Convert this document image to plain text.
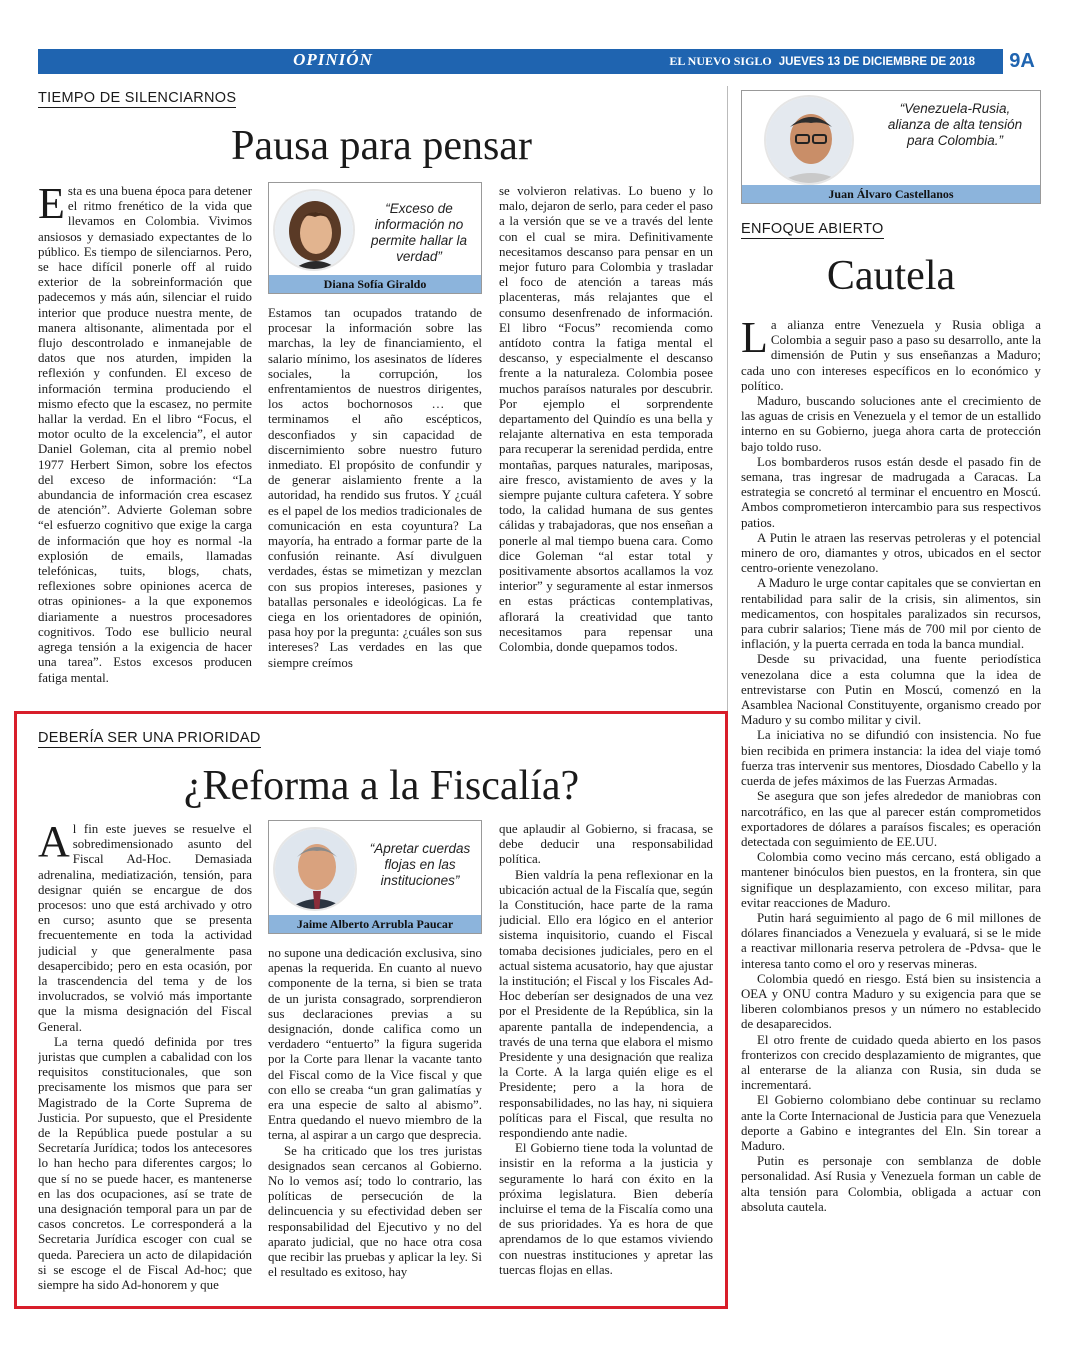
OPINIÓN	EL NUEVO SIGLO JUEVES 13 DE DICIEMBRE DE 2018	9A
TIEMPO DE SILENCIARNOS
Pausa para pensar

Esta es una buena época para detener el ritmo frenético de la vida que llevamos en Colombia. Vivimos ansiosos y demasiado expectantes de lo público. Es tiempo de silenciarnos. Pero, se hace difícil ponerle off al ruido exterior de la sobreinformación que padecemos y más aún, silenciar el ruido interior que produce nuestra mente, de manera altisonante, alimentada por el flujo descontrolado e inmanejable de datos que nos aturden, impiden la reflexión y confunden. El exceso de información termina produciendo el mismo efecto que la escasez, no permite hallar la verdad. En el libro “Focus, el motor oculto de la excelencia”, el autor Daniel Goleman, cita al premio nobel 1977 Herbert Simon, sobre los efectos del exceso de información: “La abundancia de información crea escasez de atención”. Advierte Goleman sobre “el esfuerzo cognitivo que exige la carga de información que hoy es normal -la explosión de emails, llamadas telefónicas, tuits, blogs, chats, reflexiones sobre opiniones acerca de otras opiniones- a la que exponemos diariamente a nuestros procesadores cognitivos. Todo ese bullicio neural agrega tensión a la exigencia de hacer una tarea”. Estos excesos producen fatiga mental.

“Exceso de información no permite hallar la verdad”
Diana Sofía Giraldo

Estamos tan ocupados tratando de procesar la información sobre las marchas, la ley de financiamiento, el salario mínimo, los asesinatos de líderes sociales, la corrupción, los enfrentamientos de nuestros dirigentes, los actos bochornosos … que terminamos el año escépticos, desconfiados y sin capacidad de discernimiento sobre nuestro futuro inmediato. El propósito de confundir y de generar aislamiento frente a la autoridad, ha rendido sus frutos. Y ¿cuál es el papel de los medios tradicionales de comunicación en esta coyuntura? La mayoría, ha entrado a formar parte de la confusión reinante. Así divulguen verdades, éstas se mimetizan y mezclan con sus propios intereses, pasiones y batallas personales e ideológicas. La fe ciega en los orientadores de opinión, pasa hoy por la pregunta: ¿cuáles son sus intereses? Las verdades en las que siempre creímos

se volvieron relativas. Lo bueno y lo malo, dejaron de serlo, para ceder el paso a la versión que se ve a través del lente con el cual se mira. Definitivamente necesitamos descanso para pensar en un mejor futuro para Colombia y trasladar el foco de atención a tareas más placenteras, más relajantes que el consumo desenfrenado de información. El libro “Focus” recomienda como antídoto contra la fatiga mental el descanso, y especialmente el descanso frente a la naturaleza. Colombia posee muchos paraísos naturales por descubrir. Por ejemplo el sorprendente departamento del Quindío es una bella y relajante alternativa en esta temporada para recuperar la serenidad perdida, entre montañas, parques naturales, mariposas, aire fresco, avistamiento de aves y la siempre pujante cultura cafetera. Y sobre todo, la calidad humana de sus gentes cálidas y trabajadoras, que nos enseñan a ponerle al mal tiempo buena cara. Como dice Goleman “al estar total y positivamente absortos acallamos la voz interior” y seguramente al estar inmersos en estas prácticas contemplativas, aflorará la creatividad que tanto necesitamos para repensar una Colombia, donde quepamos todos.

DEBERÍA SER UNA PRIORIDAD
¿Reforma a la Fiscalía?

Al fin este jueves se resuelve el sobredimensionado asunto del Fiscal Ad-Hoc. Demasiada adrenalina, mediatización, tensión, para designar quién se encargue de dos procesos: uno que está archivado y otro en curso; asunto que se presenta frecuentemente en toda la actividad judicial y que generalmente pasa desapercibido; pero en esta ocasión, por la trascendencia del tema y de los involucrados, se volvió más importante que la misma designación del Fiscal General.

La terna quedó definida por tres juristas que cumplen a cabalidad con los requisitos constitucionales, que son precisamente los mismos que para ser Magistrado de la Corte Suprema de Justicia. Por supuesto, que el Presidente de la República puede postular a su Secretaría Jurídica; todos los antecesores lo han hecho para diferentes cargos; lo que sí no se puede hacer, es mantenerse en las dos ocupaciones, así se trate de una designación temporal para un par de casos concretos. Le corresponderá a la Secretaria Jurídica escoger con cual se queda. Pareciera un acto de dilapidación si se escoge el de Fiscal Ad-hoc; que siempre ha sido Ad-honorem y que

“Apretar cuerdas flojas en las instituciones”
Jaime Alberto Arrubla Paucar

no supone una dedicación exclusiva, sino apenas la requerida. En cuanto al nuevo componente de la terna, si bien se trata de un jurista consagrado, sorprendieron sus declaraciones previas a su designación, donde califica como un verdadero “entuerto” la figura sugerida por la Corte para llenar la vacante tanto del Fiscal como de la Vice fiscal y que con ello se creaba “un gran galimatías y era una especie de salto al abismo”. Entra quedando el nuevo miembro de la terna, al aspirar a un cargo que desprecia.

Se ha criticado que los tres juristas designados sean cercanos al Gobierno. No lo vemos así; todo lo contrario, las políticas de persecución de la delincuencia y su efectividad deben ser responsabilidad del Ejecutivo y no del aparato judicial, que no hace otra cosa que recibir las pruebas y aplicar la ley. Si el resultado es exitoso, hay

que aplaudir al Gobierno, si fracasa, se debe deducir una responsabilidad política.

Bien valdría la pena reflexionar en la ubicación actual de la Fiscalía que, según la Constitución, hace parte de la rama judicial. Ello era lógico en el anterior sistema inquisitorio, cuando el Fiscal tomaba decisiones judiciales, pero en el actual sistema acusatorio, hay que ajustar la institución; el Fiscal y los Fiscales Ad-Hoc deberían ser designados de una vez por el Presidente de la República, sin la aparente pantalla de independencia, a través de una terna que elabora el mismo Presidente y una designación que realiza la Corte. A la larga quién elige es el Presidente; pero a la hora de responsabilidades, no las hay, ni siquiera políticas para el Fiscal, que resulta no respondiendo ante nadie.

El Gobierno tiene toda la voluntad de insistir en la reforma a la justicia y seguramente lo hará con éxito en la próxima legislatura. Bien debería incluirse el tema de la Fiscalía como una de sus prioridades. Ya es hora de que aprendamos de lo que estamos viviendo con nuestras instituciones y apretar las tuercas flojas en ellas.

“Venezuela-Rusia, alianza de alta tensión para Colombia.”
Juan Álvaro Castellanos
ENFOQUE ABIERTO
Cautela

La alianza entre Venezuela y Rusia obliga a Colombia a seguir paso a paso su desarrollo, ante la dimensión de Putin y sus enseñanzas a Maduro; cada uno con intereses específicos en lo económico y político.

Maduro, buscando soluciones ante el crecimiento de las aguas de crisis en Venezuela y el temor de un estallido interno en su Gobierno, juega ahora carta de protección bajo toldo ruso.

Los bombarderos rusos están desde el pasado fin de semana, tras ingresar de madrugada a Caracas. La estrategia se concretó al terminar el encuentro en Moscú. Ambos comprometieron intercambio para sus respectivos patios.

A Putin le atraen las reservas petroleras y el potencial minero de oro, diamantes y otros, ubicados en el sector centro-oriente venezolano.

A Maduro le urge contar capitales que se conviertan en rentabilidad para salir de la crisis, sin alimentos, sin medicamentos, con hospitales paralizados sin recursos, para cubrir salarios; Tiene más de 700 mil por ciento de inflación, y la puerta cerrada en toda la banca mundial.

Desde su privacidad, una fuente periodística venezolana dice a esta columna que la idea de entrevistarse con Putin en Moscú, comenzó en la Asamblea Nacional Constituyente, organismo creado por Maduro y su combo militar y civil.

La iniciativa no se difundió con insistencia. No fue bien recibida en primera instancia: la idea del viaje tomó fuerza tras intervenir sus mentores, Diosdado Cabello y la cuerda de jefes máximos de las Fuerzas Armadas.

Se asegura que son jefes alrededor de maniobras con narcotráfico, en las que al parecer están comprometidos exportadores de dólares a paraísos fiscales; es operación detectada con seguimiento de EE.UU.

Colombia como vecino más cercano, está obligado a mantener binóculos bien puestos, en la frontera, sin que signifique un desplazamiento, con exceso militar, para evitar reacciones de Maduro.

Putin hará seguimiento al pago de 6 mil millones de dólares financiados a Venezuela y evaluará, si se le mide a reactivar millonaria reserva petrolera de -Pdvsa- que le interesa tanto como el oro y reservas mineras.

Colombia quedó en riesgo. Está bien su insistencia a OEA y ONU contra Maduro y su exigencia para que se liberen colombianos presos y un número no establecido de desaparecidos.

El otro frente de cuidado queda abierto en los pasos fronterizos con crecido desplazamiento de migrantes, que al enterarse de la alianza con Rusia, sin duda se incrementará.

El Gobierno colombiano debe continuar su reclamo ante la Corte Internacional de Justicia para que Venezuela deporte a Gabino e integrantes del Eln. Sin torear a Maduro.

Putin es personaje con semblanza de doble personalidad. Así Rusia y Venezuela forman un cable de alta tensión para Colombia, obligada a actuar con absoluta cautela.
